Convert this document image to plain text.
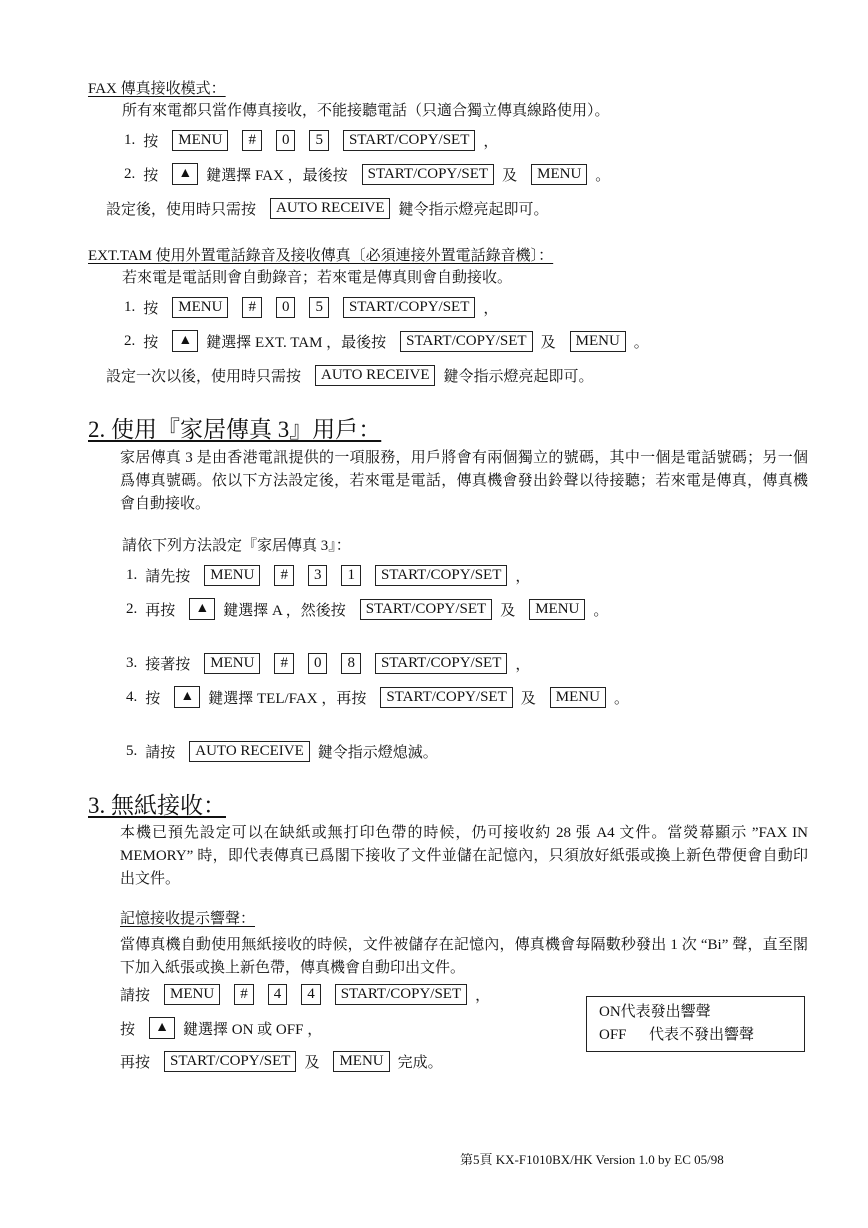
FAX 傳真接收模式：
所有來電都只當作傳真接收，不能接聽電話（只適合獨立傳真線路使用）。
1. 按	MENU	#	0	5	START/COPY/SET ，
2. 按	▲ 鍵選擇 FAX ，最後按	START/COPY/SET 及	MENU 。
設定後，使用時只需按	AUTO RECEIVE 鍵令指示燈亮起即可。
EXT.TAM 使用外置電話錄音及接收傳真〔必須連接外置電話錄音機〕：
若來電是電話則會自動錄音；若來電是傳真則會自動接收。
1. 按	MENU	#	0	5	START/COPY/SET ，
2. 按	▲ 鍵選擇 EXT. TAM ，最後按	START/COPY/SET 及	MENU 。
設定一次以後，使用時只需按	AUTO RECEIVE 鍵令指示燈亮起即可。
2. 使用『家居傳真 3』用戶：
家居傳真 3 是由香港電訊提供的一項服務，用戶將會有兩個獨立的號碼，其中一個是電話號碼；另一個爲傳真號碼。依以下方法設定後，若來電是電話，傳真機會發出鈴聲以待接聽；若來電是傳真，傳真機會自動接收。
請依下列方法設定『家居傳真 3』：
1. 請先按	MENU	#	3	1	START/COPY/SET ，
2. 再按	▲ 鍵選擇 A ，然後按	START/COPY/SET 及	MENU 。
3. 接著按	MENU	#	0	8	START/COPY/SET ，
4. 按	▲ 鍵選擇 TEL/FAX ，再按	START/COPY/SET 及	MENU 。
5. 請按	AUTO RECEIVE 鍵令指示燈熄滅。
3. 無紙接收：
本機已預先設定可以在缺紙或無打印色帶的時候，仍可接收約 28 張 A4 文件。當熒幕顯示 ”FAX IN MEMORY” 時，即代表傳真已爲閣下接收了文件並儲在記憶內，只須放好紙張或換上新色帶便會自動印出文件。
記憶接收提示響聲：
當傳真機自動使用無紙接收的時候，文件被儲存在記憶內，傳真機會每隔數秒發出 1 次 “Bi” 聲，直至閣下加入紙張或換上新色帶，傳真機會自動印出文件。
請按	MENU	#	4	4	START/COPY/SET ，
按	▲ 鍵選擇 ON 或 OFF ，
再按	START/COPY/SET 及	MENU 完成。
ON代表發出響聲
OFF      代表不發出響聲
第5頁 KX-F1010BX/HK Version 1.0 by EC 05/98
